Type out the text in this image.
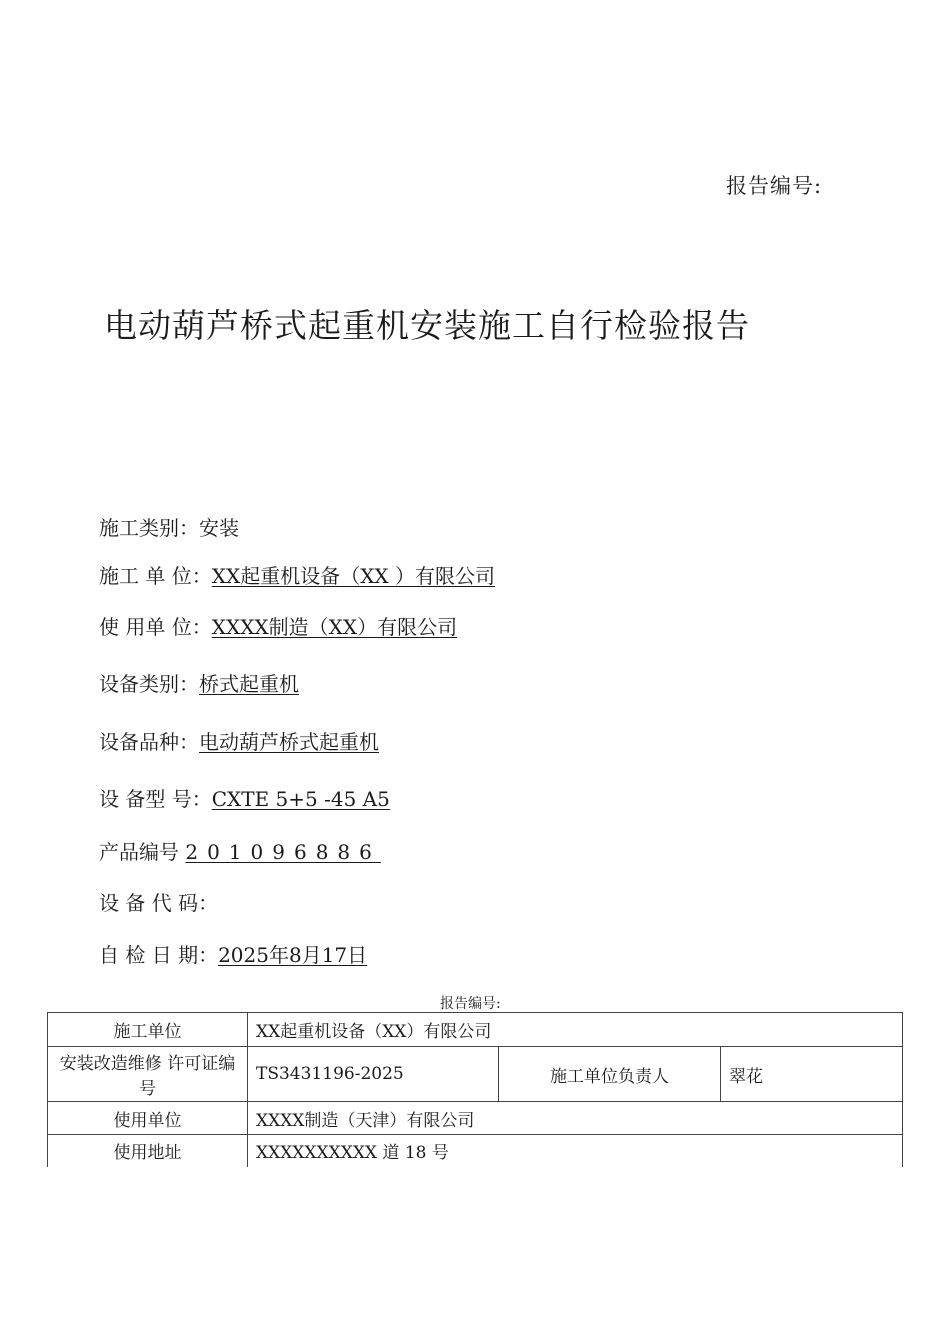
报告编号:
电动葫芦桥式起重机安装施工自行检验报告
施工类别：安装
施工 单 位：XX起重机设备（XX ）有限公司
使 用单 位：XXXX制造（XX）有限公司
设备类别：桥式起重机
设备品种：电动葫芦桥式起重机
设 备型 号：CXTE 5+5 -45 A5
产品编号 201096886
设 备 代 码：
自 检 日 期：2025年8月17日
报告编号:
施工单位	XX起重机设备（XX）有限公司		
安装改造维修 许可证编号	TS3431196-2025	施工单位负责人	翠花
使用单位	XXXX制造（天津）有限公司		
使用地址	XXXXXXXXXX 道 18 号		
